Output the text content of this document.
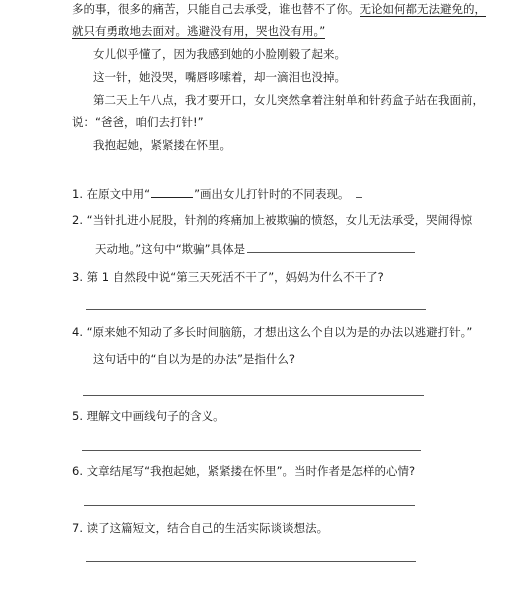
多的事，很多的痛苦，只能自己去承受，谁也替不了你。无论如何都无法避免的，
就只有勇敢地去面对。逃避没有用，哭也没有用。”
女儿似乎懂了，因为我感到她的小脸刚毅了起来。
这一针，她没哭，嘴唇哆嗦着，却一滴泪也没掉。
第二天上午八点，我才要开口，女儿突然拿着注射单和针药盒子站在我面前，
说：“爸爸，咱们去打针!”
我抱起她，紧紧搂在怀里。
1. 在原文中用“	”画出女儿打针时的不同表现。
2. “当针扎进小屁股，针剂的疼痛加上被欺骗的愤怒，女儿无法承受，哭闹得惊
天动地。”这句中“欺骗”具体是
3. 第 1 自然段中说“第三天死活不干了”，妈妈为什么不干了?
4. “原来她不知动了多长时间脑筋，才想出这么个自以为是的办法以逃避打针。”
这句话中的“自以为是的办法”是指什么?
5. 理解文中画线句子的含义。
6. 文章结尾写“我抱起她，紧紧搂在怀里”。当时作者是怎样的心情?
7. 读了这篇短文，结合自己的生活实际谈谈想法。
